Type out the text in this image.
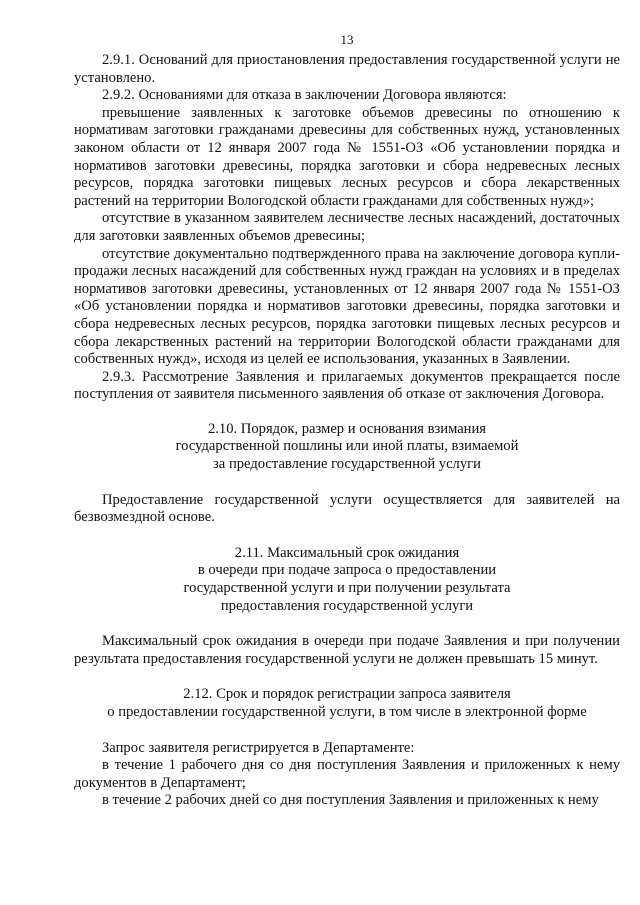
13

2.9.1. Оснований для приостановления предоставления государственной услуги не установлено.

2.9.2. Основаниями для отказа в заключении Договора являются:

превышение заявленных к заготовке объемов древесины по отношению к нормативам заготовки гражданами древесины для собственных нужд, установленных законом области от 12 января 2007 года № 1551-ОЗ «Об установлении порядка и нормативов заготовки древесины, порядка заготовки и сбора недревесных лесных ресурсов, порядка заготовки пищевых лесных ресурсов и сбора лекарственных растений на территории Вологодской области гражданами для собственных нужд»;

отсутствие в указанном заявителем лесничестве лесных насаждений, достаточных для заготовки заявленных объемов древесины;

отсутствие документально подтвержденного права на заключение договора купли-продажи лесных насаждений для собственных нужд граждан на условиях и в пределах нормативов заготовки древесины, установленных от 12 января 2007 года № 1551-ОЗ «Об установлении порядка и нормативов заготовки древесины, порядка заготовки и сбора недревесных лесных ресурсов, порядка заготовки пищевых лесных ресурсов и сбора лекарственных растений на территории Вологодской области гражданами для собственных нужд», исходя из целей ее использования, указанных в Заявлении.

2.9.3. Рассмотрение Заявления и прилагаемых документов прекращается после поступления от заявителя письменного заявления об отказе от заключения Договора.

2.10. Порядок, размер и основания взимания

государственной пошлины или иной платы, взимаемой

за предоставление государственной услуги

Предоставление государственной услуги осуществляется для заявителей на безвозмездной основе.

2.11. Максимальный срок ожидания

в очереди при подаче запроса о предоставлении

государственной услуги и при получении результата

предоставления государственной услуги

Максимальный срок ожидания в очереди при подаче Заявления и при получении результата предоставления государственной услуги не должен превышать 15 минут.

2.12. Срок и порядок регистрации запроса заявителя

о предоставлении государственной услуги, в том числе в электронной форме

Запрос заявителя регистрируется в Департаменте:

в течение 1 рабочего дня со дня поступления Заявления и приложенных к нему документов в Департамент;

в течение 2 рабочих дней со дня поступления Заявления и приложенных к нему
